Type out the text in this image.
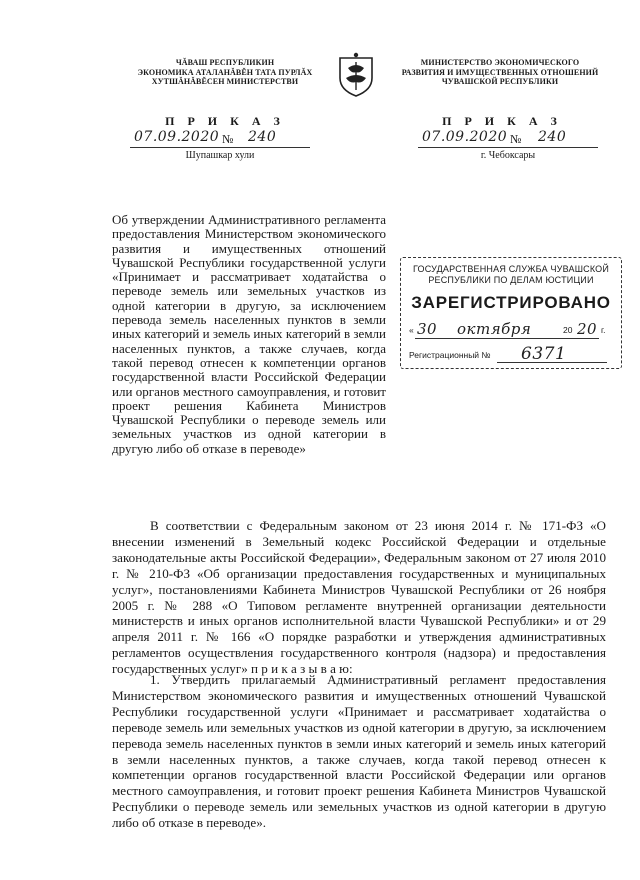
ЧĂВАШ РЕСПУБЛИКИН
ЭКОНОМИКА АТАЛАНĂВĔН ТАТА ПУРЛĂХ
ХУТШĂНĂВĔСЕН МИНИСТЕРСТВИ
П Р И К А З
07.09.2020 № 240
Шупашкар хули
МИНИСТЕРСТВО ЭКОНОМИЧЕСКОГО
РАЗВИТИЯ И ИМУЩЕСТВЕННЫХ ОТНОШЕНИЙ
ЧУВАШСКОЙ РЕСПУБЛИКИ
П Р И К А З
07.09.2020 № 240
г. Чебоксары
Об утверждении Административного регламента предоставления Министерством экономического развития и имущественных отношений Чувашской Республики государственной услуги «Принимает и рассматривает ходатайства о переводе земель или земельных участков из одной категории в другую, за исключением перевода земель населенных пунктов в земли иных категорий и земель иных категорий в земли населенных пунктов, а также случаев, когда такой перевод отнесен к компетенции органов государственной власти Российской Федерации или органов местного самоуправления, и готовит проект решения Кабинета Министров Чувашской Республики о переводе земель или земельных участков из одной категории в другую либо об отказе в переводе»
ГОСУДАРСТВЕННАЯ СЛУЖБА ЧУВАШСКОЙ
РЕСПУБЛИКИ ПО ДЕЛАМ ЮСТИЦИИ
ЗАРЕГИСТРИРОВАНО
« 30 октября	20 20 г.
Регистрационный № 6371
В соответствии с Федеральным законом от 23 июня 2014 г. № 171-ФЗ «О внесении изменений в Земельный кодекс Российской Федерации и отдельные законодательные акты Российской Федерации», Федеральным законом от 27 июля 2010 г. № 210-ФЗ «Об организации предоставления государственных и муниципальных услуг», постановлениями Кабинета Министров Чувашской Республики от 26 ноября 2005 г. № 288 «О Типовом регламенте внутренней организации деятельности министерств и иных органов исполнительной власти Чувашской Республики» и от 29 апреля 2011 г. № 166 «О порядке разработки и утверждения административных регламентов осуществления государственного контроля (надзора) и предоставления государственных услуг» п р и к а з ы в а ю:
1. Утвердить прилагаемый Административный регламент предоставления Министерством экономического развития и имущественных отношений Чувашской Республики государственной услуги «Принимает и рассматривает ходатайства о переводе земель или земельных участков из одной категории в другую, за исключением перевода земель населенных пунктов в земли иных категорий и земель иных категорий в земли населенных пунктов, а также случаев, когда такой перевод отнесен к компетенции органов государственной власти Российской Федерации или органов местного самоуправления, и готовит проект решения Кабинета Министров Чувашской Республики о переводе земель или земельных участков из одной категории в другую либо об отказе в переводе».
